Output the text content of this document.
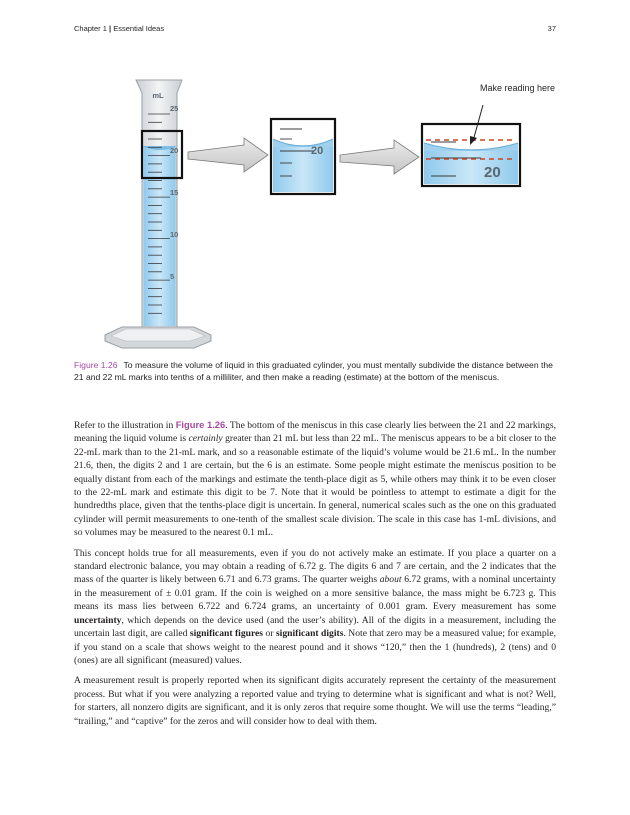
Chapter 1 | Essential Ideas	37
mL
25
20
15
10
5
20
20
Make reading here
Figure 1.26 To measure the volume of liquid in this graduated cylinder, you must mentally subdivide the distance between the 21 and 22 mL marks into tenths of a milliliter, and then make a reading (estimate) at the bottom of the meniscus.

Refer to the illustration in Figure 1.26. The bottom of the meniscus in this case clearly lies between the 21 and 22 markings, meaning the liquid volume is certainly greater than 21 mL but less than 22 mL. The meniscus appears to be a bit closer to the 22-mL mark than to the 21-mL mark, and so a reasonable estimate of the liquid’s volume would be 21.6 mL. In the number 21.6, then, the digits 2 and 1 are certain, but the 6 is an estimate. Some people might estimate the meniscus position to be equally distant from each of the markings and estimate the tenth-place digit as 5, while others may think it to be even closer to the 22-mL mark and estimate this digit to be 7. Note that it would be pointless to attempt to estimate a digit for the hundredths place, given that the tenths-place digit is uncertain. In general, numerical scales such as the one on this graduated cylinder will permit measurements to one-tenth of the smallest scale division. The scale in this case has 1-mL divisions, and so volumes may be measured to the nearest 0.1 mL.

This concept holds true for all measurements, even if you do not actively make an estimate. If you place a quarter on a standard electronic balance, you may obtain a reading of 6.72 g. The digits 6 and 7 are certain, and the 2 indicates that the mass of the quarter is likely between 6.71 and 6.73 grams. The quarter weighs about 6.72 grams, with a nominal uncertainty in the measurement of ± 0.01 gram. If the coin is weighed on a more sensitive balance, the mass might be 6.723 g. This means its mass lies between 6.722 and 6.724 grams, an uncertainty of 0.001 gram. Every measurement has some uncertainty, which depends on the device used (and the user’s ability). All of the digits in a measurement, including the uncertain last digit, are called significant figures or significant digits. Note that zero may be a measured value; for example, if you stand on a scale that shows weight to the nearest pound and it shows “120,” then the 1 (hundreds), 2 (tens) and 0 (ones) are all significant (measured) values.

A measurement result is properly reported when its significant digits accurately represent the certainty of the measurement process. But what if you were analyzing a reported value and trying to determine what is significant and what is not? Well, for starters, all nonzero digits are significant, and it is only zeros that require some thought. We will use the terms “leading,” “trailing,” and “captive” for the zeros and will consider how to deal with them.
